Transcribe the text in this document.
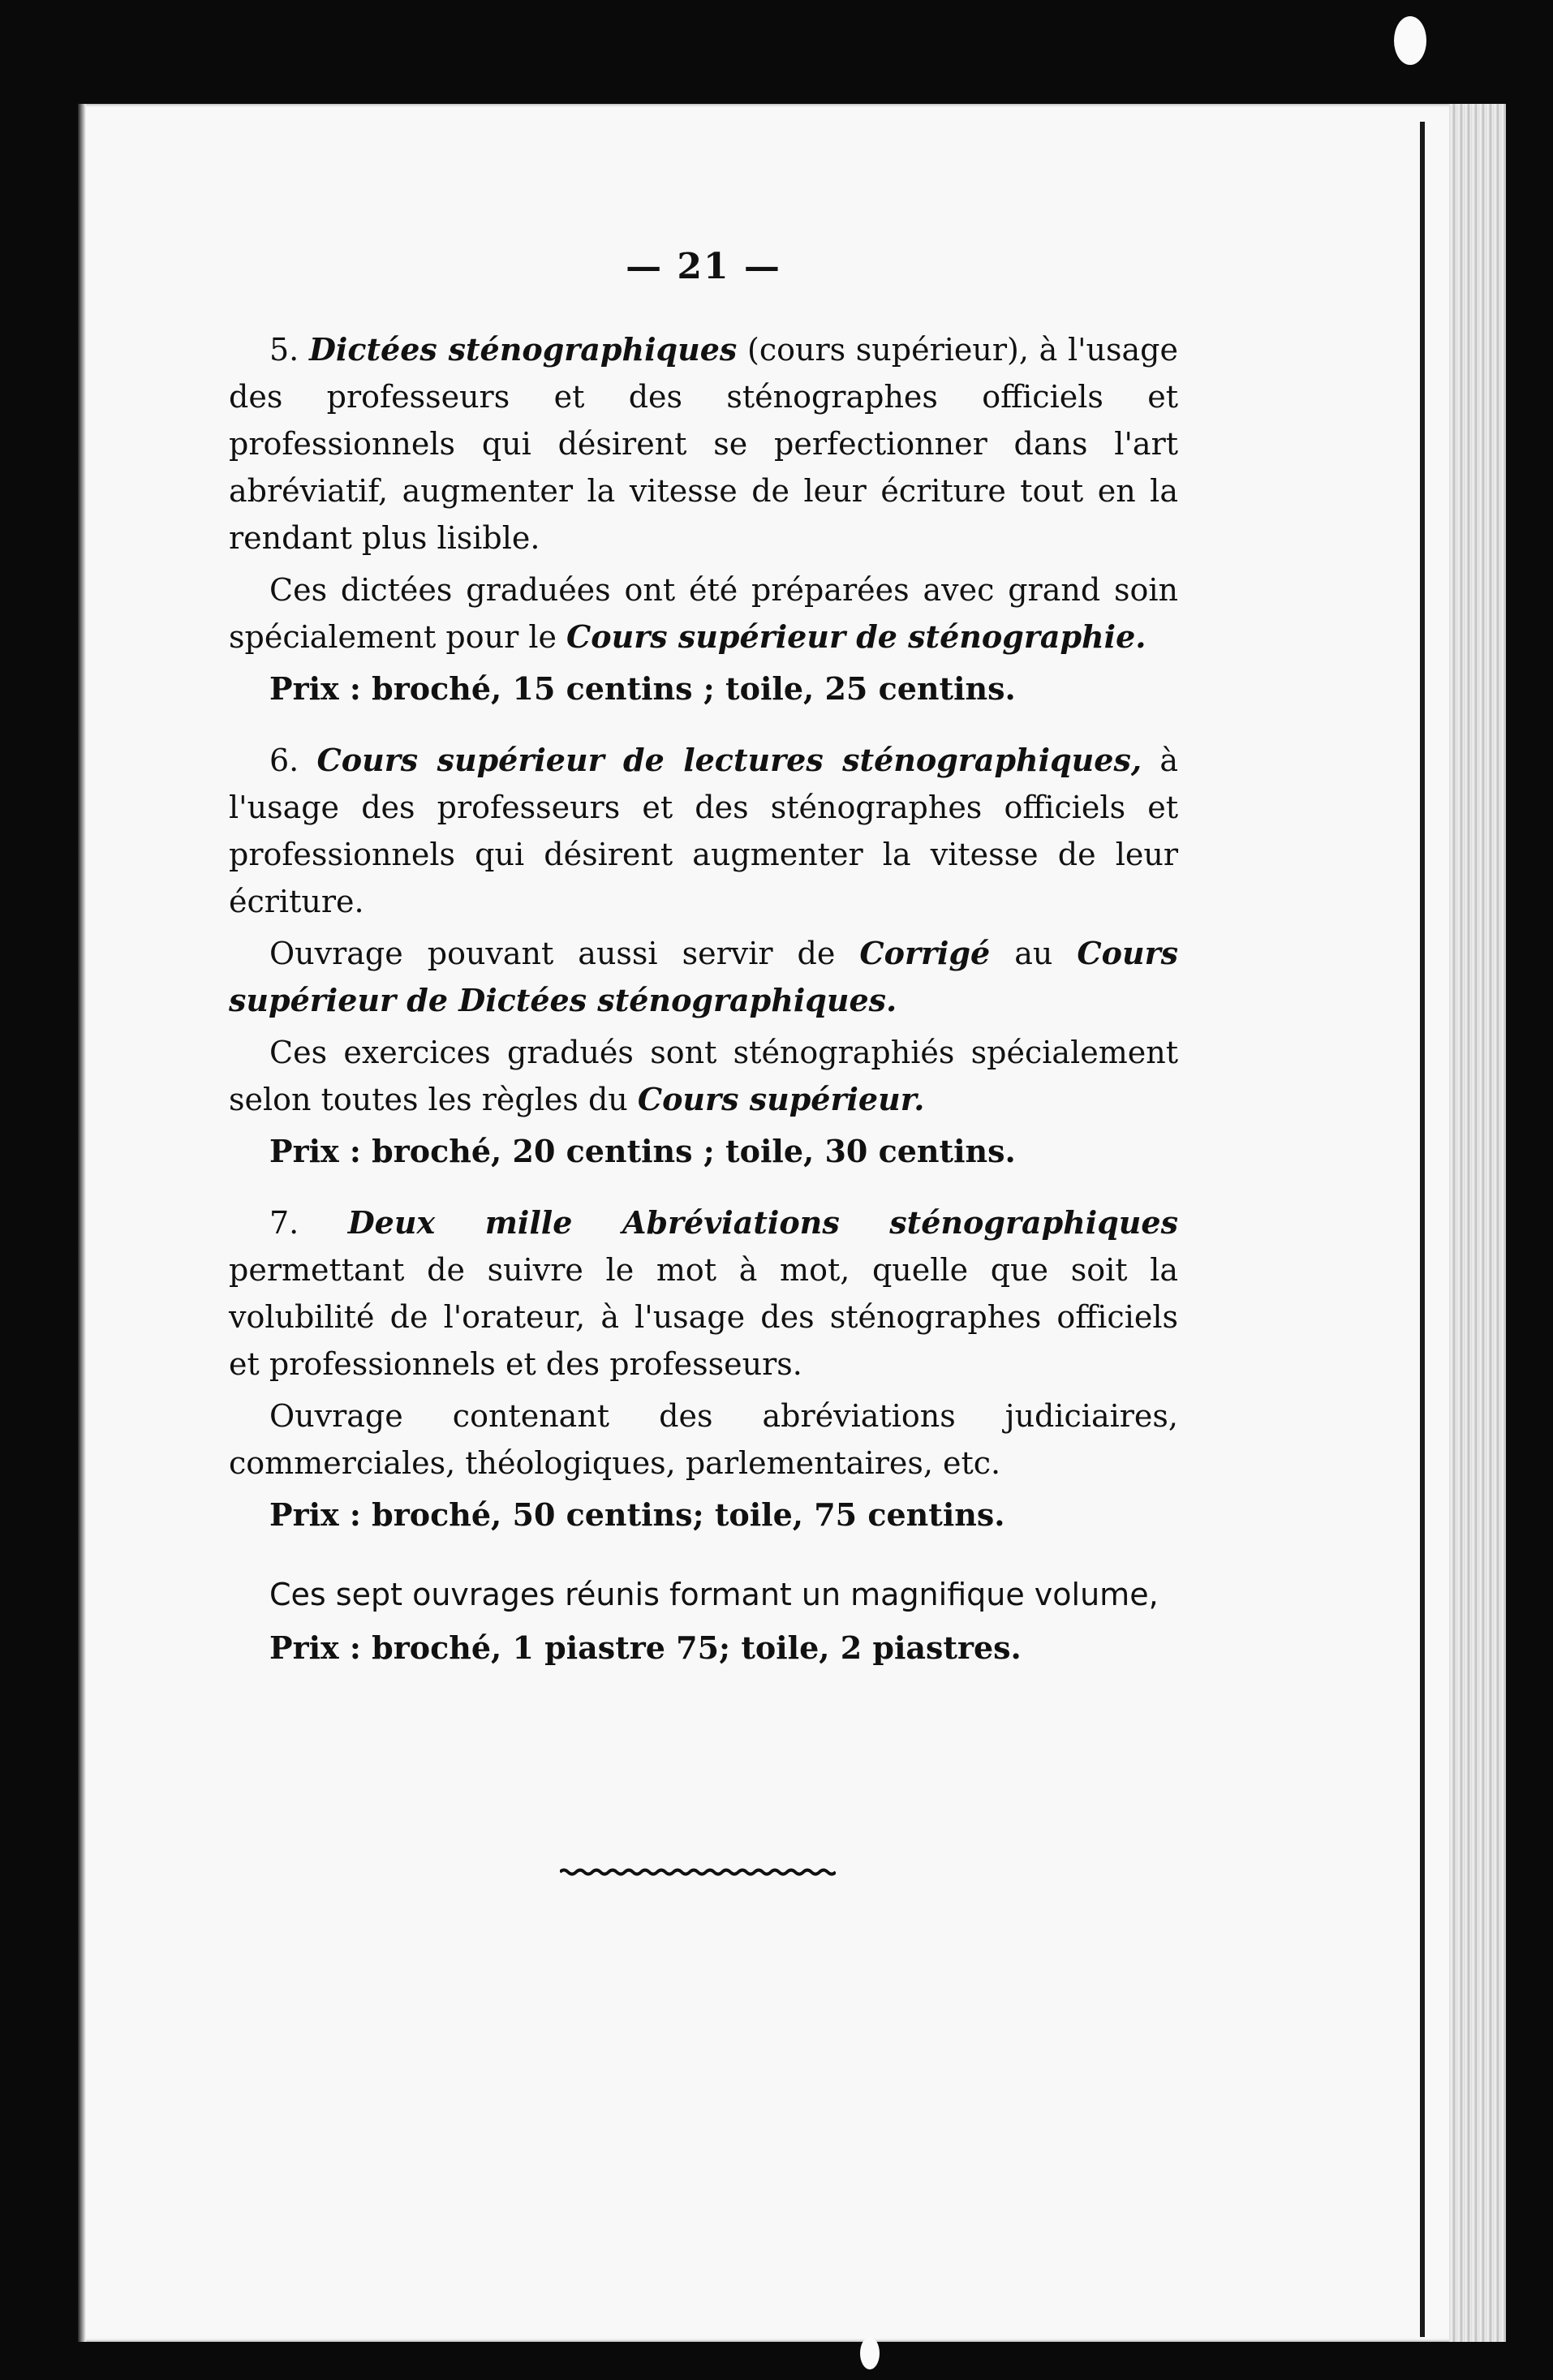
— 21 —

5. Dictées sténographiques (cours supérieur), à l'usage des professeurs et des sténographes officiels et professionnels qui désirent se perfectionner dans l'art abréviatif, augmenter la vitesse de leur écriture tout en la rendant plus lisible.

Ces dictées graduées ont été préparées avec grand soin spécialement pour le Cours supérieur de sténographie.

Prix : broché, 15 centins ; toile, 25 centins.

6. Cours supérieur de lectures sténographiques, à l'usage des professeurs et des sténographes officiels et professionnels qui désirent augmenter la vitesse de leur écriture.

Ouvrage pouvant aussi servir de Corrigé au Cours supérieur de Dictées sténographiques.

Ces exercices gradués sont sténographiés spécialement selon toutes les règles du Cours supérieur.

Prix : broché, 20 centins ; toile, 30 centins.

7. Deux mille Abréviations sténographiques permettant de suivre le mot à mot, quelle que soit la volubilité de l'orateur, à l'usage des sténographes officiels et professionnels et des professeurs.

Ouvrage contenant des abréviations judiciaires, commerciales, théologiques, parlementaires, etc.

Prix : broché, 50 centins; toile, 75 centins.

Ces sept ouvrages réunis formant un magnifique volume,

Prix : broché, 1 piastre 75; toile, 2 piastres.
